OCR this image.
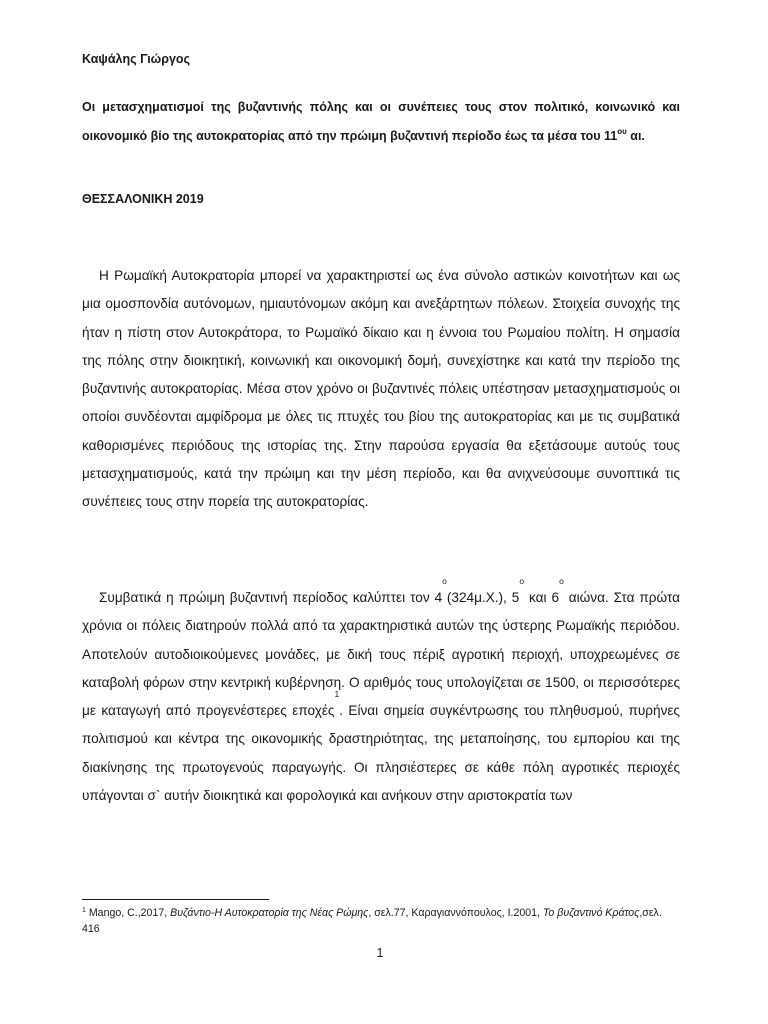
Καψάλης Γιώργος

Οι μετασχηματισμοί της βυζαντινής πόλης και οι συνέπειες τους στον πολιτικό, κοινωνικό και οικονομικό βίο της αυτοκρατορίας από την πρώιμη βυζαντινή περίοδο έως τα μέσα του $11^{o\upsilon}$ αι.

ΘΕΣΣΑΛΟΝΙΚΗ 2019

Η Ρωμαϊκή Αυτοκρατορία μπορεί να χαρακτηριστεί ως ένα σύνολο αστικών κοινοτήτων και ως μια ομοσπονδία αυτόνομων, ημιαυτόνομων ακόμη και ανεξάρτητων πόλεων. Στοιχεία συνοχής της ήταν η πίστη στον Αυτοκράτορα, το Ρωμαϊκό δίκαιο και η έννοια του Ρωμαίου πολίτη. Η σημασία της πόλης στην διοικητική, κοινωνική και οικονομική δομή, συνεχίστηκε και κατά την περίοδο της βυζαντινής αυτοκρατορίας. Μέσα στον χρόνο οι βυζαντινές πόλεις υπέστησαν μετασχηματισμούς οι οποίοι συνδέονται αμφίδρομα με όλες τις πτυχές του βίου της αυτοκρατορίας και με τις συμβατικά καθορισμένες περιόδους της ιστορίας της. Στην παρούσα εργασία θα εξετάσουμε αυτούς τους μετασχηματισμούς, κατά την πρώιμη και την μέση περίοδο, και θα ανιχνεύσουμε συνοπτικά τις συνέπειες τους στην πορεία της αυτοκρατορίας.

Συμβατικά η πρώιμη βυζαντινή περίοδος καλύπτει τον $4^o(324\mu.X.)$, $5^o$ και $6^o$ αιώνα. Στα πρώτα χρόνια οι πόλεις διατηρούν πολλά από τα χαρακτηριστικά αυτών της ύστερης Ρωμαϊκής περιόδου. Αποτελούν αυτοδιοικούμενες μονάδες, με δική τους πέριξ αγροτική περιοχή, υποχρεωμένες σε καταβολή φόρων στην κεντρική κυβέρνηση. Ο αριθμός τους υπολογίζεται σε 1500, οι περισσότερες με καταγωγή από προγενέστερες εποχές$^1$. Είναι σημεία συγκέντρωσης του πληθυσμού, πυρήνες πολιτισμού και κέντρα της οικονομικής δραστηριότητας, της μεταποίησης, του εμπορίου και της διακίνησης της πρωτογενούς παραγωγής. Οι πλησιέστερες σε κάθε πόλη αγροτικές περιοχές υπάγονται σ` αυτήν διοικητικά και φορολογικά και ανήκουν στην αριστοκρατία των

$^1$ Mango, C.,2017, Βυζάντιο-Η Αυτοκρατορία της Νέας Ρώμης, σελ.77, Καραγιαννόπουλος, Ι.2001, Το βυζαντινό Κράτος,σελ. 416

1
